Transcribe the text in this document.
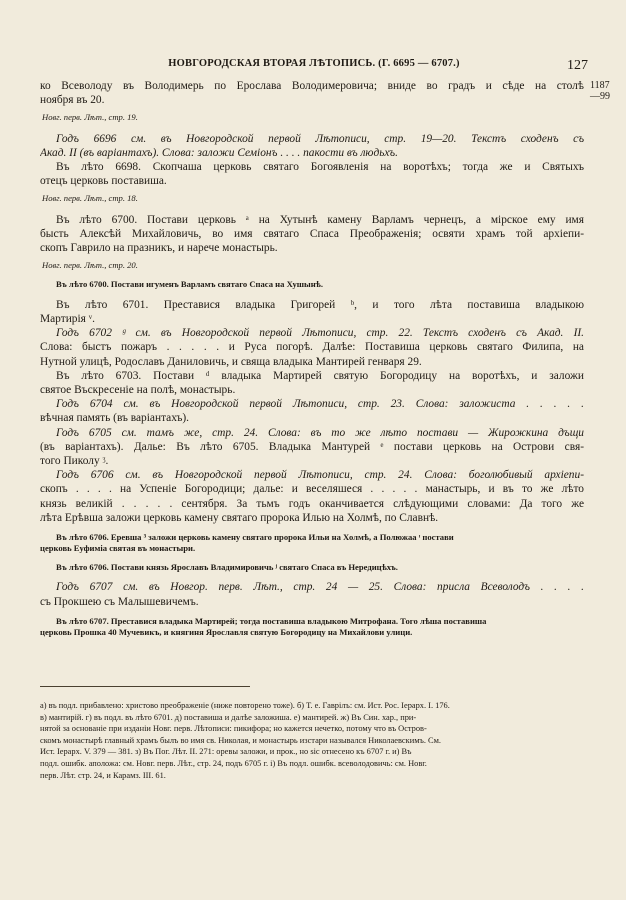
НОВГОРОДСКАЯ ВТОРАЯ ЛѢТОПИСЬ. (Г. 6695 — 6707.)	127
1187
—99
ко Всеволоду въ Володимерь по Ерослава Володимеровича; вниде во градъ и сѣде на столѣ
ноября въ 20.
Новг. перв. Лѣт., стр. 19.
Годъ 6696 см. въ Новгородской первой Лѣтописи, стр. 19—20. Текстъ сходенъ съ
Акад. II (въ варіантахъ). Слова: заложи Семіонъ . . . . пакости въ людьхъ.
Въ лѣто 6698. Скопчаша церковь святаго Богоявленія на воротѣхъ; тогда же и Святыхъ
отецъ церковь поставиша.
Новг. перв. Лѣт., стр. 18.
Въ лѣто 6700. Постави церковь ᵃ на Хутынѣ камену Варламъ чернецъ, а мірское ему имя
бысть Алексѣй Михайловичь, во имя святаго Спаса Преображенія; освяти храмъ той архіепи-
скопъ Гаврило на празникъ, и нарече монастырь.
Новг. перв. Лѣт., стр. 20.
Въ лѣто 6700. Постави игуменъ Варламъ святаго Спаса на Хушынѣ.
Въ лѣто 6701. Преставися владыка Григорей ᵇ, и того лѣта поставиша владыкою
Мартирія ᵛ.
Годъ 6702 ᵍ см. въ Новгородской первой Лѣтописи, стр. 22. Текстъ сходенъ съ Акад. II.
Слова: быстъ пожаръ . . . . . и Руса погорѣ. Далѣе: Поставиша церковь святаго Филипа, на
Нутной улицѣ, Родославъ Даниловичь, и свяща владыка Мантирей генваря 29.
Въ лѣто 6703. Постави ᵈ владыка Мартирей святую Богородицу на воротѣхъ, и заложи
святое Въскресеніе на полѣ, монастырь.
Годъ 6704 см. въ Новгородской первой Лѣтописи, стр. 23. Слова: заложиста . . . . .
вѣчная память (въ варіантахъ).
Годъ 6705 см. тамъ же, стр. 24. Слова: въ то же лѣто постави — Жирожкина дъщи
(въ варіантахъ). Далье: Въ лѣто 6705. Владыка Мантурей ᵉ постави церковь на Острови свя-
того Пиколу ᶾ.
Годъ 6706 см. въ Новгородской первой Лѣтописи, стр. 24. Слова: боголюбивый архіепи-
скопъ . . . . на Успеніе Богородици; далье: и веселяшеся . . . . . манастырь, и въ то же лѣто
князь великій . . . . . сентября. За тьмъ годъ оканчивается слѣдующими словами: Да того же
лѣта Ерѣвша заложи церковь камену святаго пророка Илью на Холмѣ, по Славнѣ.
Въ лѣто 6706. Еревша ³ заложи церковь камену святаго пророка Ильи на Холмѣ, а Полюжаа ᶦ постави
церковь Еуфиміа святая въ монастыри.
Въ лѣто 6706. Постави князь Ярославъ Владимировичь ʲ святаго Спаса въ Нередицѣхъ.
Годъ 6707 см. въ Новгор. перв. Лѣт., стр. 24 — 25. Слова: присла Всеволодъ . . . .
съ Прокшею съ Малышевичемъ.
Въ лѣто 6707. Преставися владыка Мартирей; тогда поставиша владыкою Митрофана. Того лѣша поставиша
церковь Прошка 40 Мучевикъ, и княгиня Ярославля святую Богородицу на Михайлови улици.
а) въ подл. прибавлено: христово преображеніе (ниже повторено тоже). б) Т. е. Гаврілъ: см. Ист. Рос. Іерарх. I. 176.
в) мантирій. г) въ подл. въ лѣто 6701. д) поставиша и далѣе заложиша. е) мантирей. ж) Въ Син. хар., при-
нятой за основаніе при изданіи Новг. перв. Лѣтописи: пикифора; но кажется нечетко, потому что въ Остров-
скомъ монастырѣ главный храмъ былъ во имя св. Николая, и монастырь изстари назывался Николаевскимъ. См.
Ист. Іерарх. V. 379 — 381. з) Въ Пог. Лѣт. II. 271: оревы заложи, и прок., но sic отнесено къ 6707 г. и) Въ
подл. ошибк. аположа: см. Новг. перв. Лѣт., стр. 24, подъ 6705 г. і) Въ подл. ошибк. всеволодовичь: см. Новг.
перв. Лѣт. стр. 24, и Карамз. III. 61.
